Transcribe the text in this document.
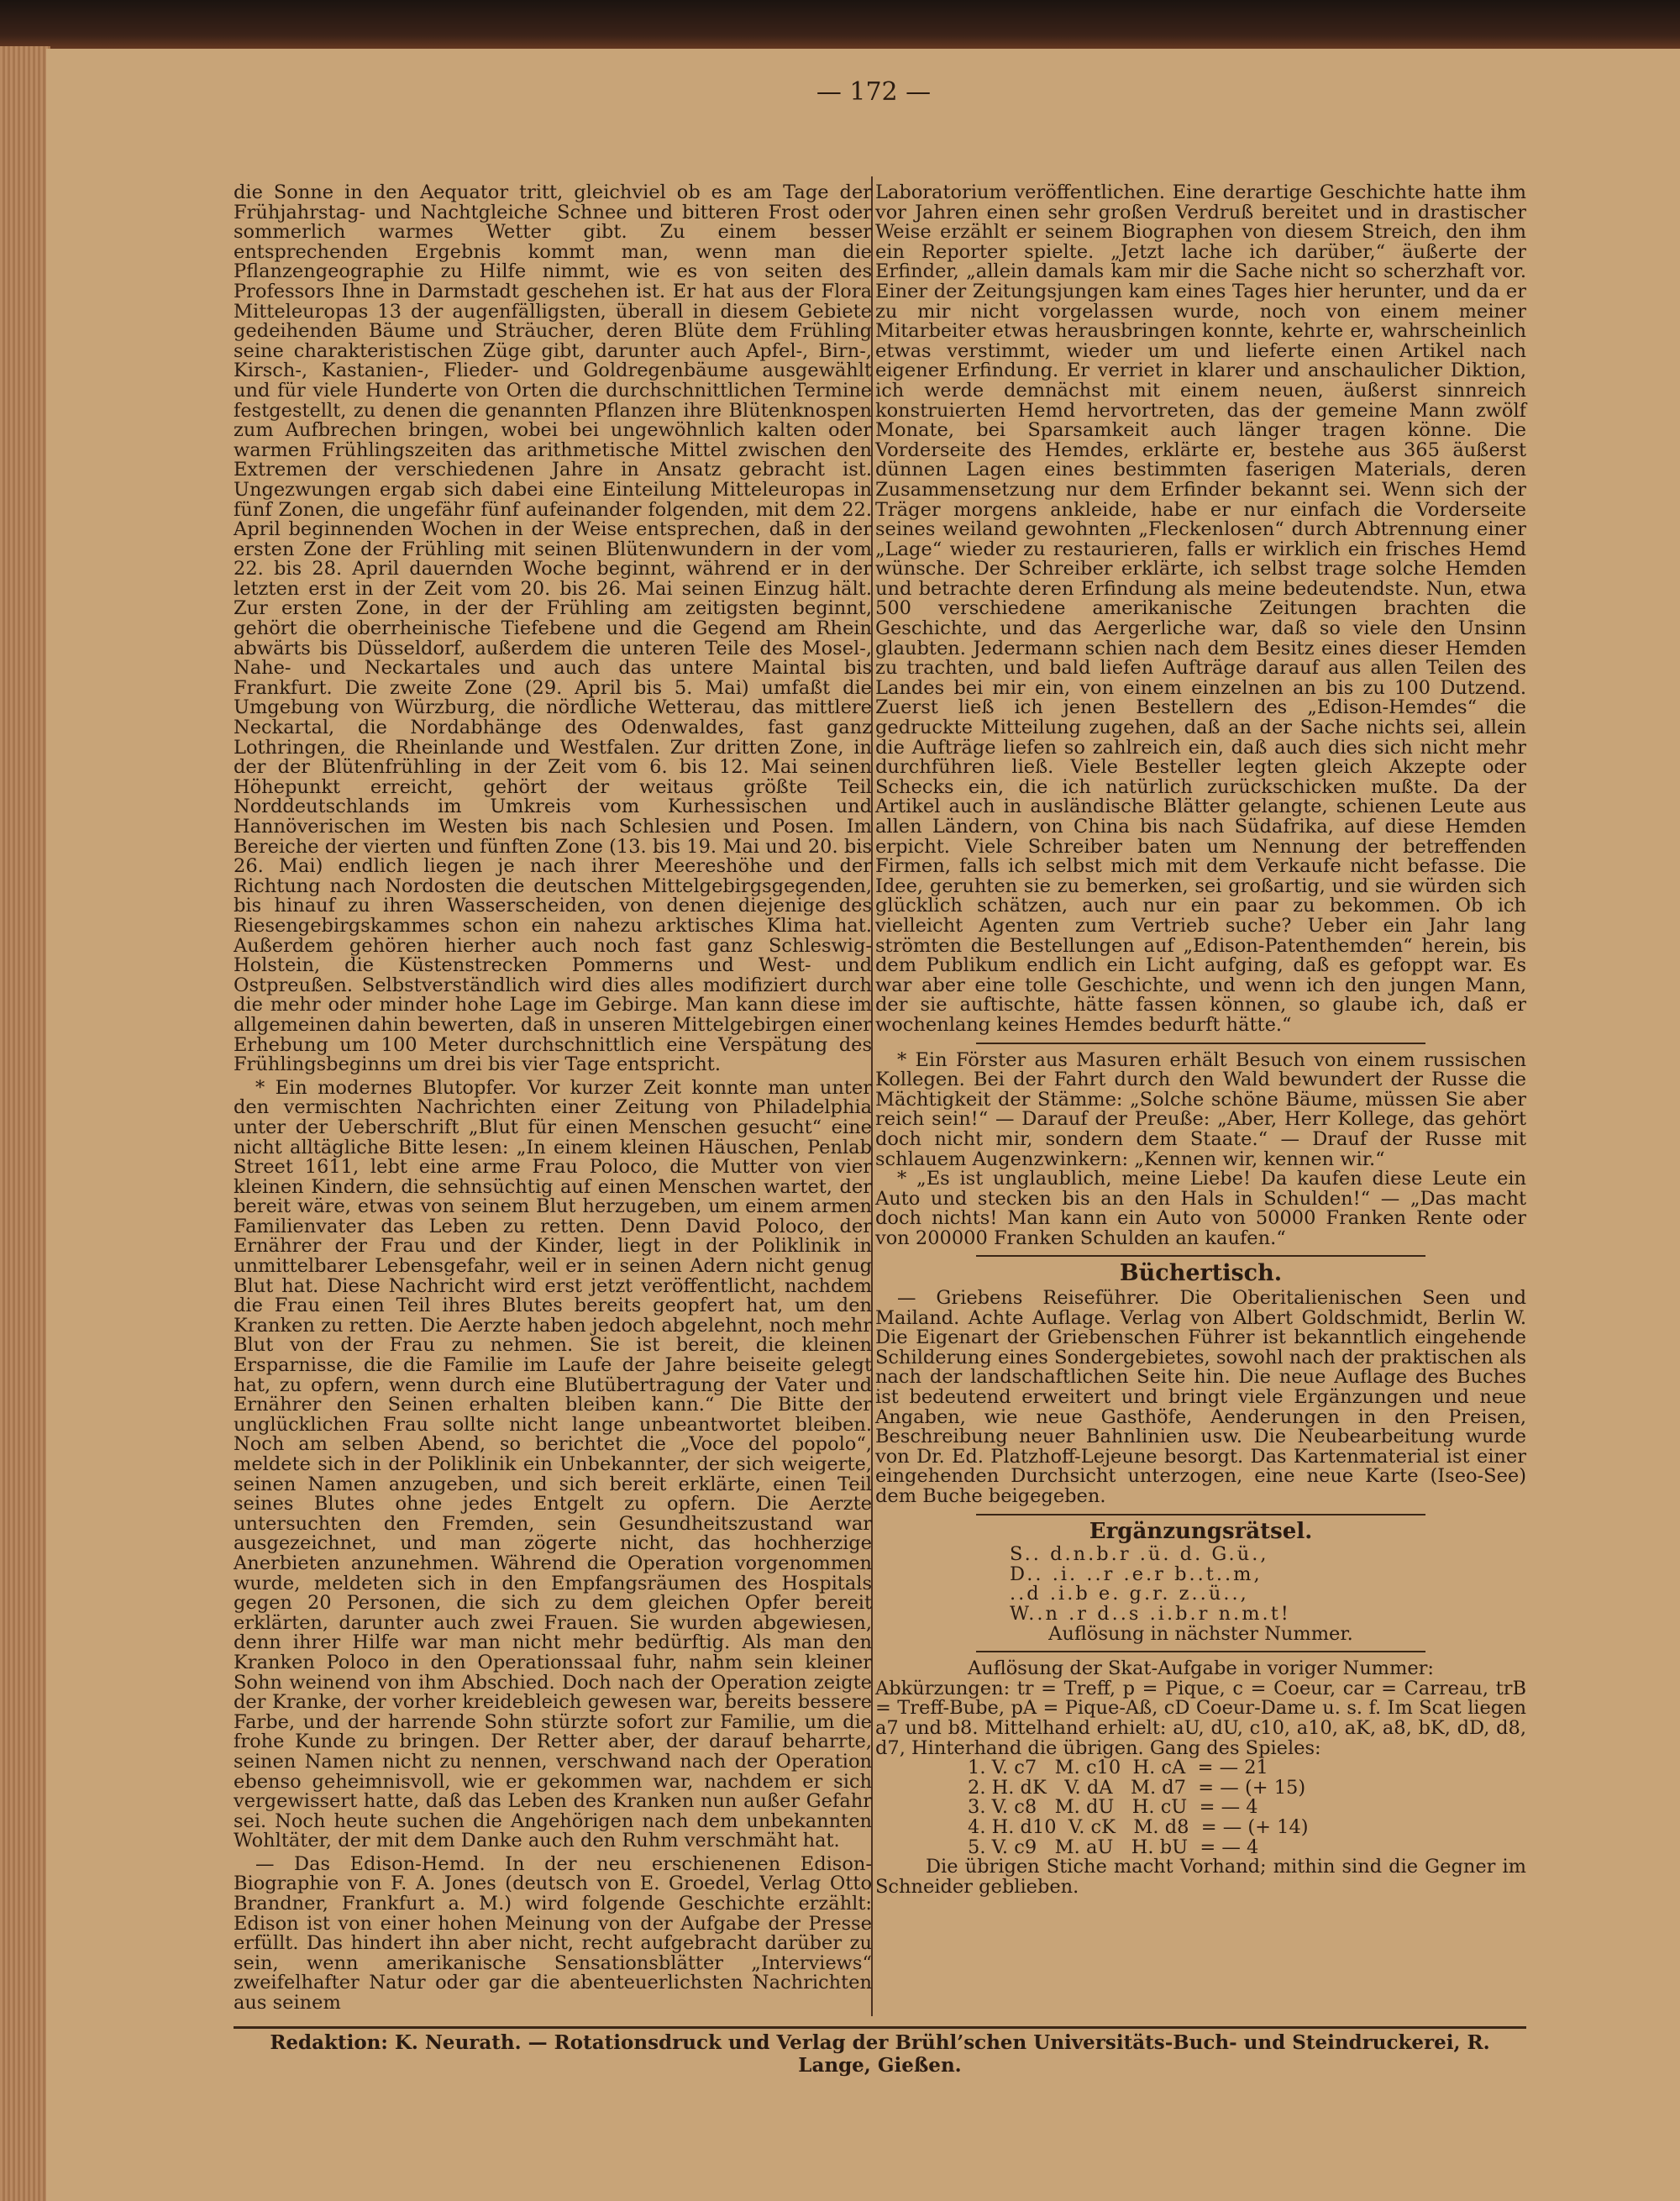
— 172 —

die Sonne in den Aequator tritt, gleichviel ob es am Tage der Frühjahrstag- und Nachtgleiche Schnee und bitteren Frost oder sommerlich warmes Wetter gibt. Zu einem besser entsprechenden Ergebnis kommt man, wenn man die Pflanzengeographie zu Hilfe nimmt, wie es von seiten des Professors Ihne in Darmstadt geschehen ist. Er hat aus der Flora Mitteleuropas 13 der augenfälligsten, überall in diesem Gebiete gedeihenden Bäume und Sträucher, deren Blüte dem Frühling seine charakteristischen Züge gibt, darunter auch Apfel-, Birn-, Kirsch-, Kastanien-, Flieder- und Goldregenbäume ausgewählt und für viele Hunderte von Orten die durchschnittlichen Termine festgestellt, zu denen die genannten Pflanzen ihre Blütenknospen zum Aufbrechen bringen, wobei bei ungewöhnlich kalten oder warmen Frühlingszeiten das arithmetische Mittel zwischen den Extremen der verschiedenen Jahre in Ansatz gebracht ist. Ungezwungen ergab sich dabei eine Einteilung Mitteleuropas in fünf Zonen, die ungefähr fünf aufeinander folgenden, mit dem 22. April beginnenden Wochen in der Weise entsprechen, daß in der ersten Zone der Frühling mit seinen Blütenwundern in der vom 22. bis 28. April dauernden Woche beginnt, während er in der letzten erst in der Zeit vom 20. bis 26. Mai seinen Einzug hält. Zur ersten Zone, in der der Frühling am zeitigsten beginnt, gehört die oberrheinische Tiefebene und die Gegend am Rhein abwärts bis Düsseldorf, außerdem die unteren Teile des Mosel-, Nahe- und Neckartales und auch das untere Maintal bis Frankfurt. Die zweite Zone (29. April bis 5. Mai) umfaßt die Umgebung von Würzburg, die nördliche Wetterau, das mittlere Neckartal, die Nordabhänge des Odenwaldes, fast ganz Lothringen, die Rheinlande und Westfalen. Zur dritten Zone, in der der Blütenfrühling in der Zeit vom 6. bis 12. Mai seinen Höhepunkt erreicht, gehört der weitaus größte Teil Norddeutschlands im Umkreis vom Kurhessischen und Hannöverischen im Westen bis nach Schlesien und Posen. Im Bereiche der vierten und fünften Zone (13. bis 19. Mai und 20. bis 26. Mai) endlich liegen je nach ihrer Meereshöhe und der Richtung nach Nordosten die deutschen Mittelgebirgsgegenden, bis hinauf zu ihren Wasserscheiden, von denen diejenige des Riesengebirgskammes schon ein nahezu arktisches Klima hat. Außerdem gehören hierher auch noch fast ganz Schleswig-Holstein, die Küstenstrecken Pommerns und West- und Ostpreußen. Selbstverständlich wird dies alles modifiziert durch die mehr oder minder hohe Lage im Gebirge. Man kann diese im allgemeinen dahin bewerten, daß in unseren Mittelgebirgen einer Erhebung um 100 Meter durchschnittlich eine Verspätung des Frühlingsbeginns um drei bis vier Tage entspricht.

* Ein modernes Blutopfer. Vor kurzer Zeit konnte man unter den vermischten Nachrichten einer Zeitung von Philadelphia unter der Ueberschrift „Blut für einen Menschen gesucht“ eine nicht alltägliche Bitte lesen: „In einem kleinen Häuschen, Penlab Street 1611, lebt eine arme Frau Poloco, die Mutter von vier kleinen Kindern, die sehnsüchtig auf einen Menschen wartet, der bereit wäre, etwas von seinem Blut herzugeben, um einem armen Familienvater das Leben zu retten. Denn David Poloco, der Ernährer der Frau und der Kinder, liegt in der Poliklinik in unmittelbarer Lebensgefahr, weil er in seinen Adern nicht genug Blut hat. Diese Nachricht wird erst jetzt veröffentlicht, nachdem die Frau einen Teil ihres Blutes bereits geopfert hat, um den Kranken zu retten. Die Aerzte haben jedoch abgelehnt, noch mehr Blut von der Frau zu nehmen. Sie ist bereit, die kleinen Ersparnisse, die die Familie im Laufe der Jahre beiseite gelegt hat, zu opfern, wenn durch eine Blutübertragung der Vater und Ernährer den Seinen erhalten bleiben kann.“ Die Bitte der unglücklichen Frau sollte nicht lange unbeantwortet bleiben. Noch am selben Abend, so berichtet die „Voce del popolo“, meldete sich in der Poliklinik ein Unbekannter, der sich weigerte, seinen Namen anzugeben, und sich bereit erklärte, einen Teil seines Blutes ohne jedes Entgelt zu opfern. Die Aerzte untersuchten den Fremden, sein Gesundheitszustand war ausgezeichnet, und man zögerte nicht, das hochherzige Anerbieten anzunehmen. Während die Operation vorgenommen wurde, meldeten sich in den Empfangsräumen des Hospitals gegen 20 Personen, die sich zu dem gleichen Opfer bereit erklärten, darunter auch zwei Frauen. Sie wurden abgewiesen, denn ihrer Hilfe war man nicht mehr bedürftig. Als man den Kranken Poloco in den Operationssaal fuhr, nahm sein kleiner Sohn weinend von ihm Abschied. Doch nach der Operation zeigte der Kranke, der vorher kreidebleich gewesen war, bereits bessere Farbe, und der harrende Sohn stürzte sofort zur Familie, um die frohe Kunde zu bringen. Der Retter aber, der darauf beharrte, seinen Namen nicht zu nennen, verschwand nach der Operation ebenso geheimnisvoll, wie er gekommen war, nachdem er sich vergewissert hatte, daß das Leben des Kranken nun außer Gefahr sei. Noch heute suchen die Angehörigen nach dem unbekannten Wohltäter, der mit dem Danke auch den Ruhm verschmäht hat.

— Das Edison-Hemd. In der neu erschienenen Edison-Biographie von F. A. Jones (deutsch von E. Groedel, Verlag Otto Brandner, Frankfurt a. M.) wird folgende Geschichte erzählt: Edison ist von einer hohen Meinung von der Aufgabe der Presse erfüllt. Das hindert ihn aber nicht, recht aufgebracht darüber zu sein, wenn amerikanische Sensationsblätter „Interviews“ zweifelhafter Natur oder gar die abenteuerlichsten Nachrichten aus seinem

Laboratorium veröffentlichen. Eine derartige Geschichte hatte ihm vor Jahren einen sehr großen Verdruß bereitet und in drastischer Weise erzählt er seinem Biographen von diesem Streich, den ihm ein Reporter spielte. „Jetzt lache ich darüber,“ äußerte der Erfinder, „allein damals kam mir die Sache nicht so scherzhaft vor. Einer der Zeitungsjungen kam eines Tages hier herunter, und da er zu mir nicht vorgelassen wurde, noch von einem meiner Mitarbeiter etwas herausbringen konnte, kehrte er, wahrscheinlich etwas verstimmt, wieder um und lieferte einen Artikel nach eigener Erfindung. Er verriet in klarer und anschaulicher Diktion, ich werde demnächst mit einem neuen, äußerst sinnreich konstruierten Hemd hervortreten, das der gemeine Mann zwölf Monate, bei Sparsamkeit auch länger tragen könne. Die Vorderseite des Hemdes, erklärte er, bestehe aus 365 äußerst dünnen Lagen eines bestimmten faserigen Materials, deren Zusammensetzung nur dem Erfinder bekannt sei. Wenn sich der Träger morgens ankleide, habe er nur einfach die Vorderseite seines weiland gewohnten „Fleckenlosen“ durch Abtrennung einer „Lage“ wieder zu restaurieren, falls er wirklich ein frisches Hemd wünsche. Der Schreiber erklärte, ich selbst trage solche Hemden und betrachte deren Erfindung als meine bedeutendste. Nun, etwa 500 verschiedene amerikanische Zeitungen brachten die Geschichte, und das Aergerliche war, daß so viele den Unsinn glaubten. Jedermann schien nach dem Besitz eines dieser Hemden zu trachten, und bald liefen Aufträge darauf aus allen Teilen des Landes bei mir ein, von einem einzelnen an bis zu 100 Dutzend. Zuerst ließ ich jenen Bestellern des „Edison-Hemdes“ die gedruckte Mitteilung zugehen, daß an der Sache nichts sei, allein die Aufträge liefen so zahlreich ein, daß auch dies sich nicht mehr durchführen ließ. Viele Besteller legten gleich Akzepte oder Schecks ein, die ich natürlich zurückschicken mußte. Da der Artikel auch in ausländische Blätter gelangte, schienen Leute aus allen Ländern, von China bis nach Südafrika, auf diese Hemden erpicht. Viele Schreiber baten um Nennung der betreffenden Firmen, falls ich selbst mich mit dem Verkaufe nicht befasse. Die Idee, geruhten sie zu bemerken, sei großartig, und sie würden sich glücklich schätzen, auch nur ein paar zu bekommen. Ob ich vielleicht Agenten zum Vertrieb suche? Ueber ein Jahr lang strömten die Bestellungen auf „Edison-Patenthemden“ herein, bis dem Publikum endlich ein Licht aufging, daß es gefoppt war. Es war aber eine tolle Geschichte, und wenn ich den jungen Mann, der sie auftischte, hätte fassen können, so glaube ich, daß er wochenlang keines Hemdes bedurft hätte.“

* Ein Förster aus Masuren erhält Besuch von einem russischen Kollegen. Bei der Fahrt durch den Wald bewundert der Russe die Mächtigkeit der Stämme: „Solche schöne Bäume, müssen Sie aber reich sein!“ — Darauf der Preuße: „Aber, Herr Kollege, das gehört doch nicht mir, sondern dem Staate.“ — Drauf der Russe mit schlauem Augenzwinkern: „Kennen wir, kennen wir.“

* „Es ist unglaublich, meine Liebe! Da kaufen diese Leute ein Auto und stecken bis an den Hals in Schulden!“ — „Das macht doch nichts! Man kann ein Auto von 50000 Franken Rente oder von 200000 Franken Schulden an kaufen.“

Büchertisch.

— Griebens Reiseführer. Die Oberitalienischen Seen und Mailand. Achte Auflage. Verlag von Albert Goldschmidt, Berlin W. Die Eigenart der Griebenschen Führer ist bekanntlich eingehende Schilderung eines Sondergebietes, sowohl nach der praktischen als nach der landschaftlichen Seite hin. Die neue Auflage des Buches ist bedeutend erweitert und bringt viele Ergänzungen und neue Angaben, wie neue Gasthöfe, Aenderungen in den Preisen, Beschreibung neuer Bahnlinien usw. Die Neubearbeitung wurde von Dr. Ed. Platzhoff-Lejeune besorgt. Das Kartenmaterial ist einer eingehenden Durchsicht unterzogen, eine neue Karte (Iseo-See) dem Buche beigegeben.

Ergänzungsrätsel.

S.. d.n.b.r .ü. d. G.ü.,

D.. .i. ..r .e.r b..t..m,

..d .i.b e. g.r. z..ü..,

W..n .r d..s .i.b.r n.m.t!

Auflösung in nächster Nummer.

Auflösung der Skat-Aufgabe in voriger Nummer:

Abkürzungen: tr = Treff, p = Pique, c = Coeur, car = Carreau, trB = Treff-Bube, pA = Pique-Aß, cD Coeur-Dame u. s. f. Im Scat liegen a7 und b8. Mittelhand erhielt: aU, dU, c10, a10, aK, a8, bK, dD, d8, d7, Hinterhand die übrigen. Gang des Spieles:

1. V. c7   M. c10  H. cA  = — 21

2. H. dK   V. dA   M. d7  = — (+ 15)

3. V. c8   M. dU   H. cU  = — 4

4. H. d10  V. cK   M. d8  = — (+ 14)

5. V. c9   M. aU   H. bU  = — 4

Die übrigen Stiche macht Vorhand; mithin sind die Gegner im Schneider geblieben.

Redaktion: K. Neurath. — Rotationsdruck und Verlag der Brühl’schen Universitäts-Buch- und Steindruckerei, R. Lange, Gießen.
